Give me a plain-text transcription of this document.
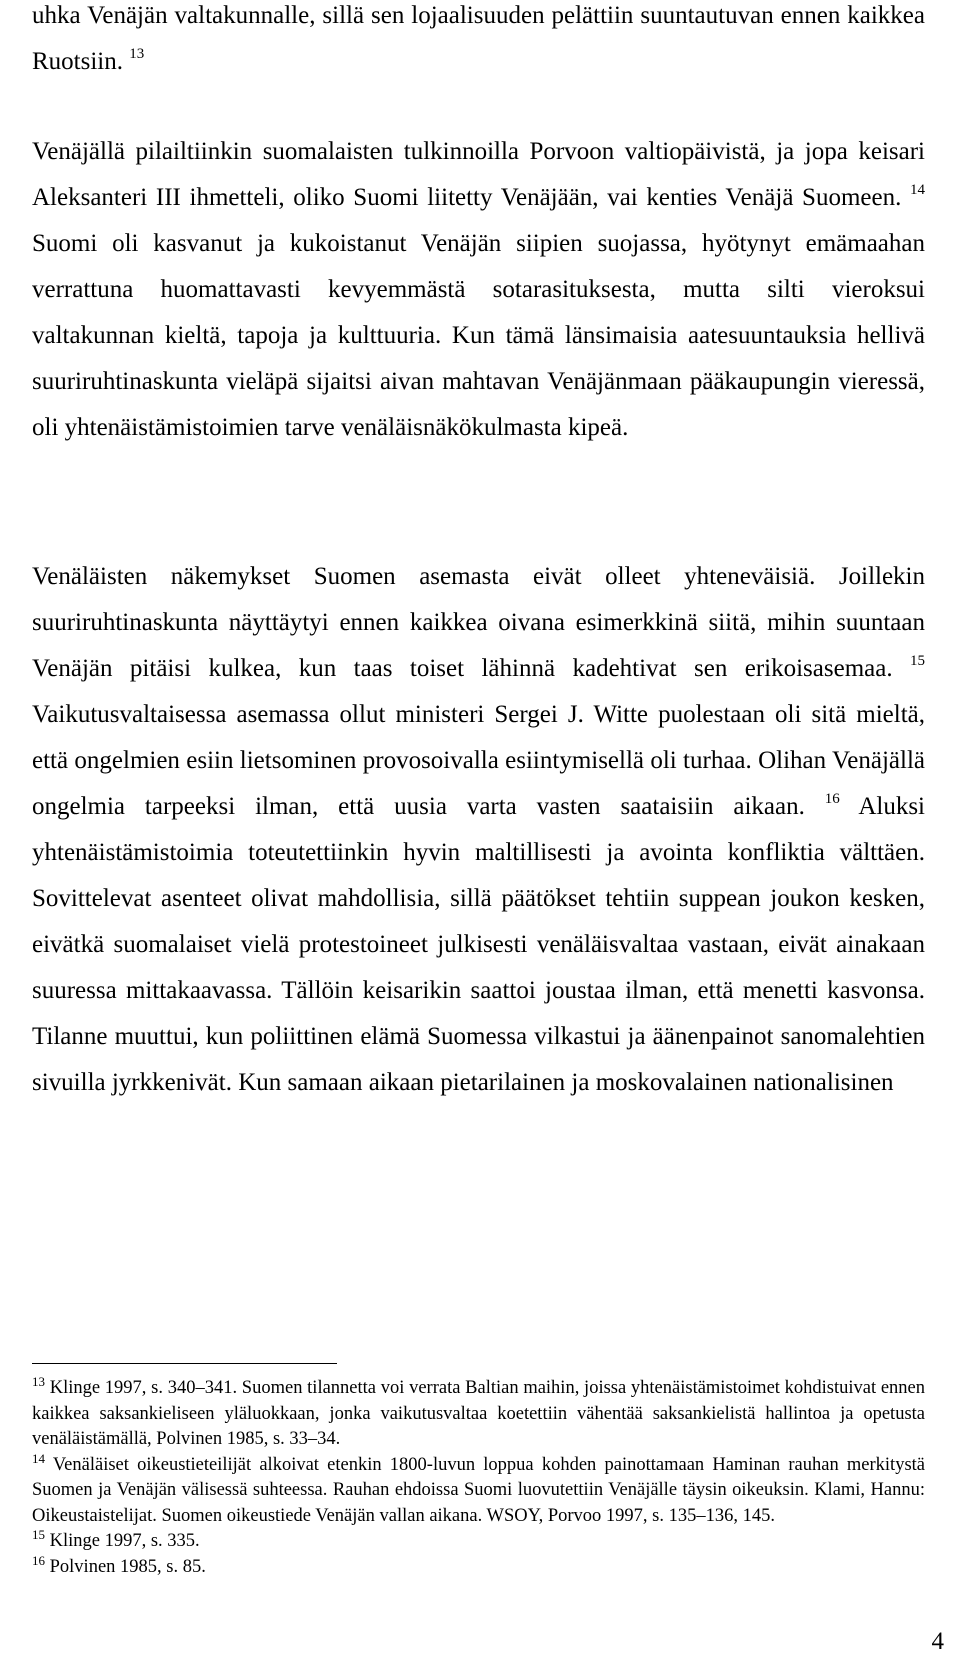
uhka Venäjän valtakunnalle, sillä sen lojaalisuuden pelättiin suuntautuvan ennen kaikkea Ruotsiin. $^{13}$

Venäjällä pilailtiinkin suomalaisten tulkinnoilla Porvoon valtiopäivistä, ja jopa keisari Aleksanteri III ihmetteli, oliko Suomi liitetty Venäjään, vai kenties Venäjä Suomeen. $^{14}$ Suomi oli kasvanut ja kukoistanut Venäjän siipien suojassa, hyötynyt emämaahan verrattuna huomattavasti kevyemmästä sotarasituksesta, mutta silti vieroksui valtakunnan kieltä, tapoja ja kulttuuria. Kun tämä länsimaisia aatesuuntauksia hellivä suuriruhtinaskunta vieläpä sijaitsi aivan mahtavan Venäjänmaan pääkaupungin vieressä, oli yhtenäistämistoimien tarve venäläisnäkökulmasta kipeä.

Venäläisten näkemykset Suomen asemasta eivät olleet yhteneväisiä. Joillekin suuriruhtinaskunta näyttäytyi ennen kaikkea oivana esimerkkinä siitä, mihin suuntaan Venäjän pitäisi kulkea, kun taas toiset lähinnä kadehtivat sen erikoisasemaa. $^{15}$ Vaikutusvaltaisessa asemassa ollut ministeri Sergei J. Witte puolestaan oli sitä mieltä, että ongelmien esiin lietsominen provosoivalla esiintymisellä oli turhaa. Olihan Venäjällä ongelmia tarpeeksi ilman, että uusia varta vasten saataisiin aikaan. $^{16}$ Aluksi yhtenäistämistoimia toteutettiinkin hyvin maltillisesti ja avointa konfliktia välttäen. Sovittelevat asenteet olivat mahdollisia, sillä päätökset tehtiin suppean joukon kesken, eivätkä suomalaiset vielä protestoineet julkisesti venäläisvaltaa vastaan, eivät ainakaan suuressa mittakaavassa. Tällöin keisarikin saattoi joustaa ilman, että menetti kasvonsa. Tilanne muuttui, kun poliittinen elämä Suomessa vilkastui ja äänenpainot sanomalehtien sivuilla jyrkkenivät. Kun samaan aikaan pietarilainen ja moskovalainen nationalisinen

$^{13}$ Klinge 1997, s. 340–341. Suomen tilannetta voi verrata Baltian maihin, joissa yhtenäistämistoimet kohdistuivat ennen kaikkea saksankieliseen yläluokkaan, jonka vaikutusvaltaa koetettiin vähentää saksankielistä hallintoa ja opetusta venäläistämällä, Polvinen 1985, s. 33–34.

$^{14}$ Venäläiset oikeustieteilijät alkoivat etenkin 1800-luvun loppua kohden painottamaan Haminan rauhan merkitystä Suomen ja Venäjän välisessä suhteessa. Rauhan ehdoissa Suomi luovutettiin Venäjälle täysin oikeuksin. Klami, Hannu: Oikeustaistelijat. Suomen oikeustiede Venäjän vallan aikana. WSOY, Porvoo 1997, s. 135–136, 145.

$^{15}$ Klinge 1997, s. 335.

$^{16}$ Polvinen 1985, s. 85.

4
